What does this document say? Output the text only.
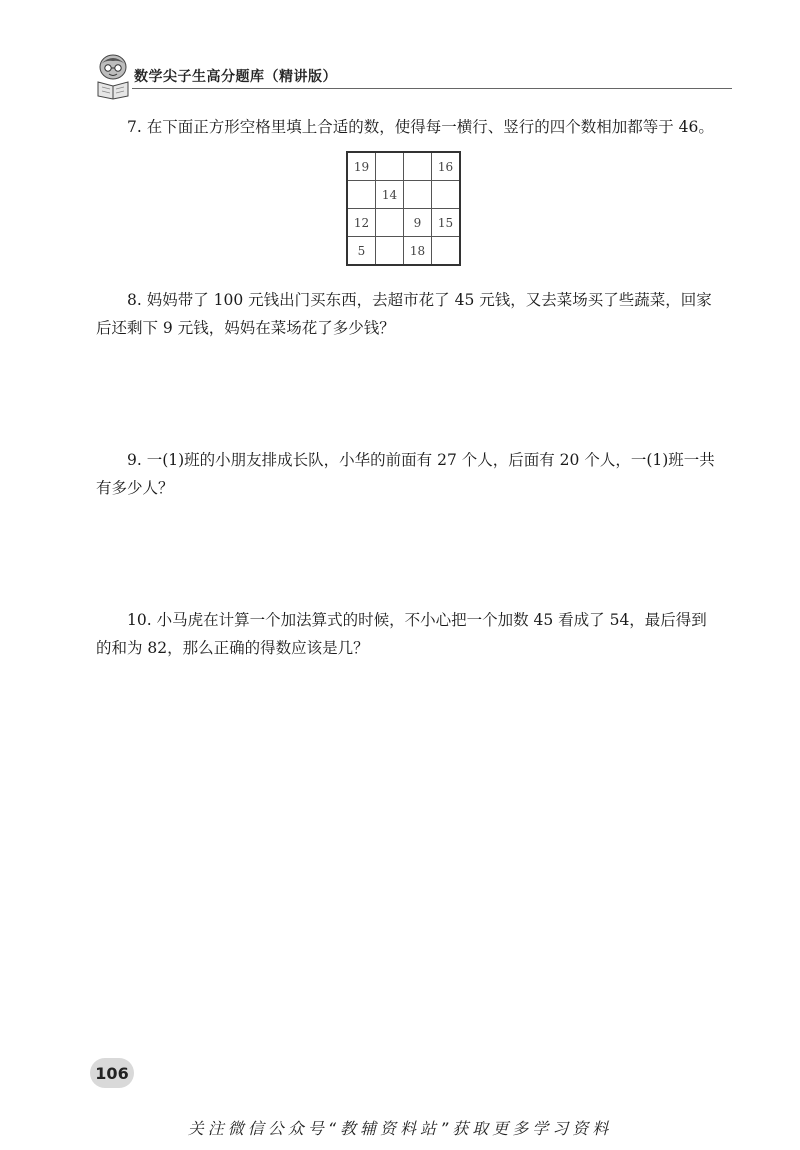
数学尖子生高分题库（精讲版）

7. 在下面正方形空格里填上合适的数，使得每一横行、竖行的四个数相加都等于 46。

19			16
	14		
12		9	15
5		18	

8. 妈妈带了 100 元钱出门买东西，去超市花了 45 元钱，又去菜场买了些蔬菜，回家后还剩下 9 元钱，妈妈在菜场花了多少钱？

9. 一(1)班的小朋友排成长队，小华的前面有 27 个人，后面有 20 个人，一(1)班一共有多少人？

10. 小马虎在计算一个加法算式的时候，不小心把一个加数 45 看成了 54，最后得到的和为 82，那么正确的得数应该是几？

106
关注微信公众号“教辅资料站”获取更多学习资料
